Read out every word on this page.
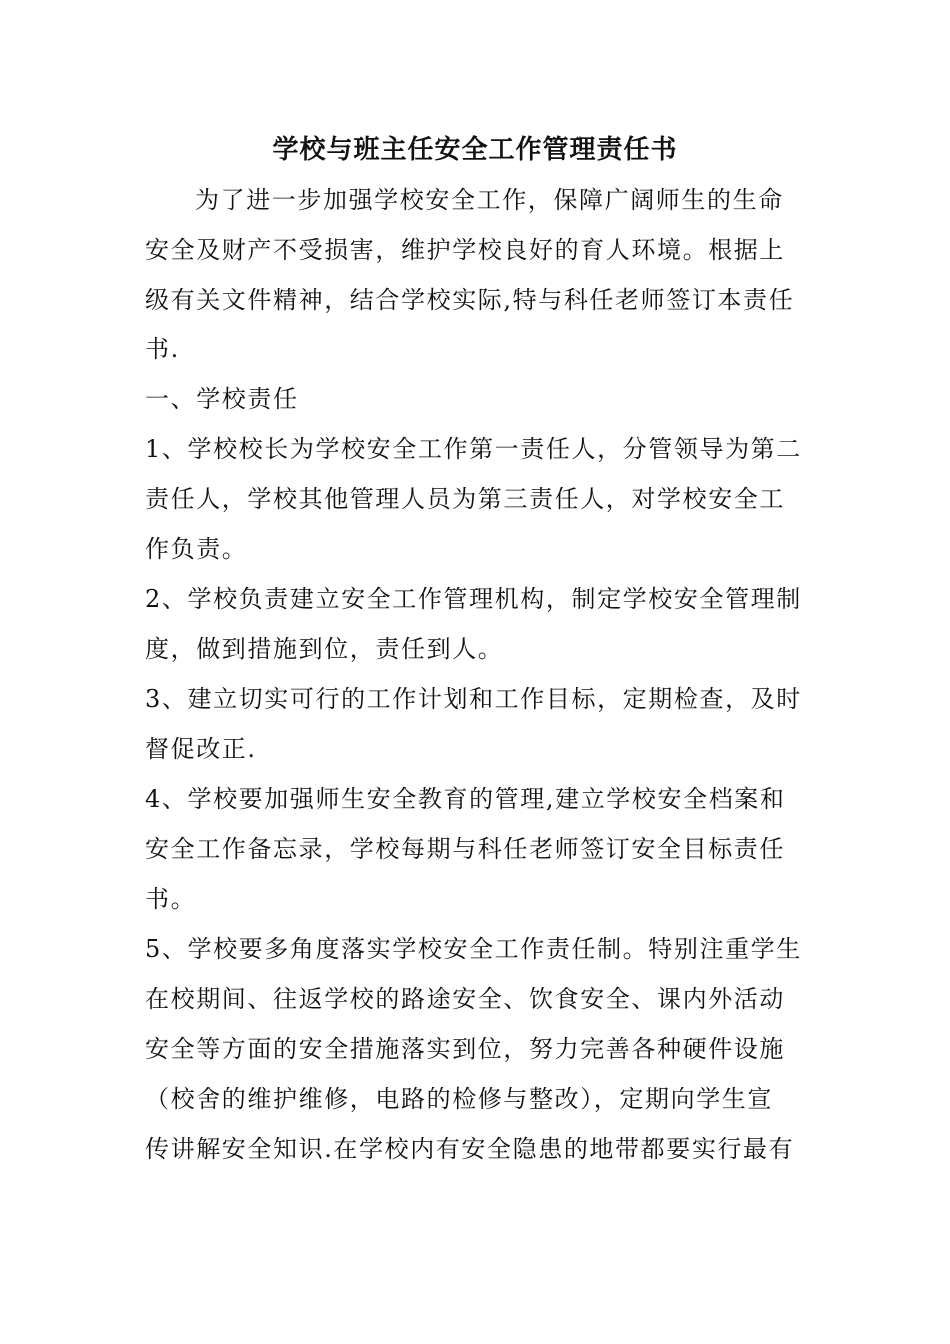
学校与班主任安全工作管理责任书
为了进一步加强学校安全工作，保障广阔师生的生命
安全及财产不受损害，维护学校良好的育人环境。根据上
级有关文件精神，结合学校实际,特与科任老师签订本责任
书.
一、学校责任
1、学校校长为学校安全工作第一责任人，分管领导为第二
责任人，学校其他管理人员为第三责任人，对学校安全工
作负责。
2、学校负责建立安全工作管理机构，制定学校安全管理制
度，做到措施到位，责任到人。
3、建立切实可行的工作计划和工作目标，定期检查，及时
督促改正.
4、学校要加强师生安全教育的管理,建立学校安全档案和
安全工作备忘录，学校每期与科任老师签订安全目标责任
书。
5、学校要多角度落实学校安全工作责任制。特别注重学生
在校期间、往返学校的路途安全、饮食安全、课内外活动
安全等方面的安全措施落实到位，努力完善各种硬件设施
（校舍的维护维修，电路的检修与整改），定期向学生宣
传讲解安全知识.在学校内有安全隐患的地带都要实行最有
